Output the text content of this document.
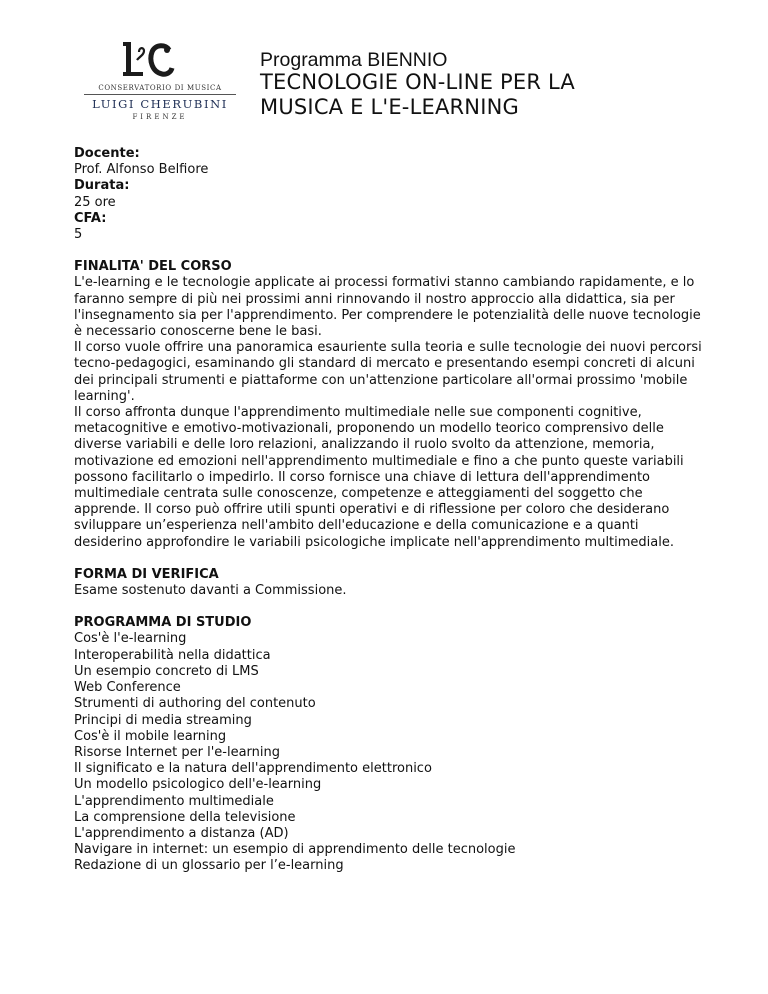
CONSERVATORIO DI MUSICA
LUIGI CHERUBINI
FIRENZE
Programma BIENNIO
TECNOLOGIE ON-LINE PER LA MUSICA E L'E-LEARNING
Docente:
Prof. Alfonso Belfiore
Durata:
25 ore
CFA:
5
FINALITA' DEL CORSO

L'e-learning e le tecnologie applicate ai processi formativi stanno cambiando rapidamente, e lo faranno sempre di più nei prossimi anni rinnovando il nostro approccio alla didattica, sia per l'insegnamento sia per l'apprendimento. Per comprendere le potenzialità delle nuove tecnologie è necessario conoscerne bene le basi.

Il corso vuole offrire una panoramica esauriente sulla teoria e sulle tecnologie dei nuovi percorsi tecno-pedagogici, esaminando gli standard di mercato e presentando esempi concreti di alcuni dei principali strumenti e piattaforme con un'attenzione particolare all'ormai prossimo 'mobile learning'.

Il corso affronta dunque l'apprendimento multimediale nelle sue componenti cognitive, metacognitive e emotivo-motivazionali, proponendo un modello teorico comprensivo delle diverse variabili e delle loro relazioni, analizzando il ruolo svolto da attenzione, memoria, motivazione ed emozioni nell'apprendimento multimediale e fino a che punto queste variabili possono facilitarlo o impedirlo. Il corso fornisce una chiave di lettura dell'apprendimento multimediale centrata sulle conoscenze, competenze e atteggiamenti del soggetto che apprende. Il corso può offrire utili spunti operativi e di riflessione per coloro che desiderano sviluppare un’esperienza nell'ambito dell'educazione e della comunicazione e a quanti desiderino approfondire le variabili psicologiche implicate nell'apprendimento multimediale.

FORMA DI VERIFICA
Esame sostenuto davanti a Commissione.
PROGRAMMA DI STUDIO
Cos'è l'e-learning
Interoperabilità nella didattica
Un esempio concreto di LMS
Web Conference
Strumenti di authoring del contenuto
Principi di media streaming
Cos'è il mobile learning
Risorse Internet per l'e-learning
Il significato e la natura dell'apprendimento elettronico
Un modello psicologico dell'e-learning
L'apprendimento multimediale
La comprensione della televisione
L'apprendimento a distanza (AD)
Navigare in internet: un esempio di apprendimento delle tecnologie
Redazione di un glossario per l’e-learning
